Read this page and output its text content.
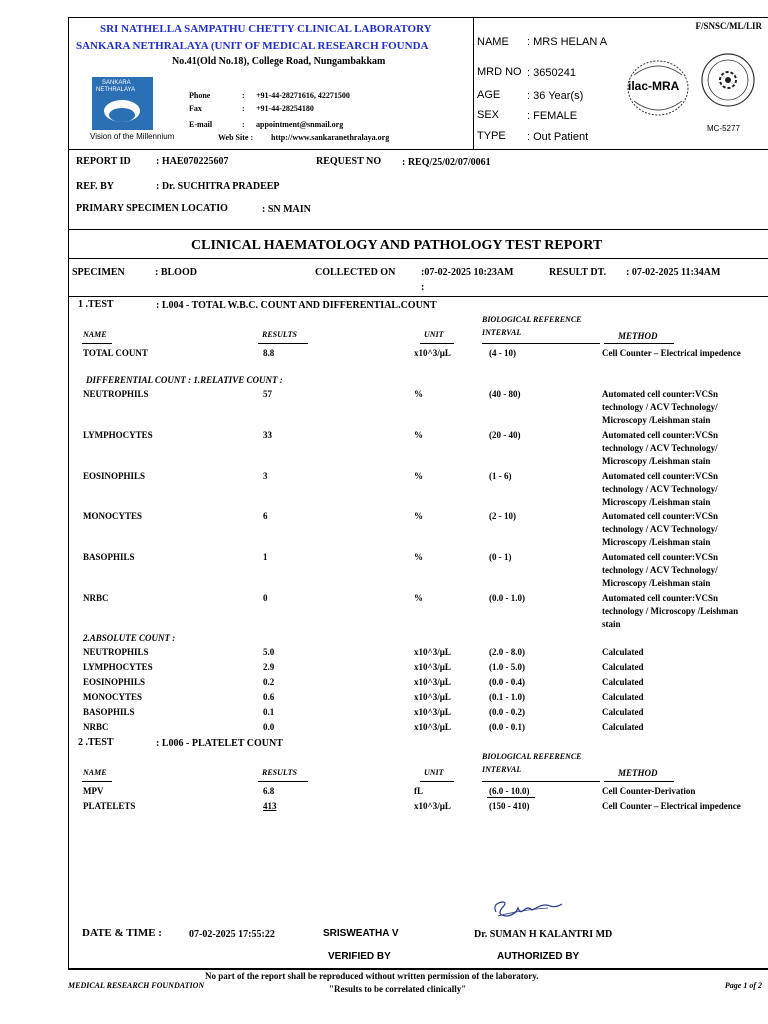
F/SNSC/ML/LIR
SRI NATHELLA SAMPATHU CHETTY CLINICAL LABORATORY
SANKARA NETHRALAYA (UNIT OF MEDICAL RESEARCH FOUNDA
No.41(Old No.18), College Road, Nungambakkam
SANKARA
NETHRALAYA
Vision of the Millennium
Phone	: +91-44-28271616, 42271500
Fax	: +91-44-28254180
E-mail	: appointment@snmail.org
Web Site : http://www.sankaranethralaya.org
NAME : MRS HELAN A
MRD NO : 3650241
AGE : 36 Year(s)
SEX	: FEMALE
TYPE : Out Patient
ilac-MRA
MC-5277
REPORT ID	: HAE070225607	REQUEST NO : REQ/25/02/07/0061
REF. BY	: Dr. SUCHITRA PRADEEP
PRIMARY SPECIMEN LOCATIO	: SN MAIN
CLINICAL HAEMATOLOGY AND PATHOLOGY TEST REPORT
SPECIMEN	: BLOOD	COLLECTED ON	:07-02-2025 10:23AM
:
RESULT DT. : 07-02-2025 11:34AM
1 .TEST	: L004 - TOTAL W.B.C. COUNT AND DIFFERENTIAL.COUNT
BIOLOGICAL REFERENCE
INTERVAL
NAME	RESULTS	UNIT	METHOD
TOTAL COUNT	8.8	x10^3/µL	(4 - 10)	Cell Counter – Electrical impedence
DIFFERENTIAL COUNT : 1.RELATIVE COUNT :
NEUTROPHILS	57	%	(40 - 80)	Automated cell counter:VCSn technology / ACV Technology/ Microscopy /Leishman stain
LYMPHOCYTES	33	%	(20 - 40)	Automated cell counter:VCSn technology / ACV Technology/ Microscopy /Leishman stain
EOSINOPHILS	3	%	(1 - 6)	Automated cell counter:VCSn technology / ACV Technology/ Microscopy /Leishman stain
MONOCYTES	6	%	(2 - 10)	Automated cell counter:VCSn technology / ACV Technology/ Microscopy /Leishman stain
BASOPHILS	1	%	(0 - 1)	Automated cell counter:VCSn technology / ACV Technology/ Microscopy /Leishman stain
NRBC	0	%	(0.0 - 1.0)	Automated cell counter:VCSn technology / Microscopy /Leishman stain
2.ABSOLUTE COUNT :
NEUTROPHILS	5.0	x10^3/µL	(2.0 - 8.0)	Calculated
LYMPHOCYTES	2.9	x10^3/µL	(1.0 - 5.0)	Calculated
EOSINOPHILS	0.2	x10^3/µL	(0.0 - 0.4)	Calculated
MONOCYTES	0.6	x10^3/µL	(0.1 - 1.0)	Calculated
BASOPHILS	0.1	x10^3/µL	(0.0 - 0.2)	Calculated
NRBC	0.0	x10^3/µL	(0.0 - 0.1)	Calculated
2 .TEST	: L006 - PLATELET COUNT
BIOLOGICAL REFERENCE
INTERVAL
NAME	RESULTS	UNIT	METHOD
MPV	6.8	fL	(6.0 - 10.0)	Cell Counter-Derivation
PLATELETS	413	x10^3/µL	(150 - 410)	Cell Counter – Electrical impedence
DATE & TIME :	07-02-2025 17:55:22	SRISWEATHA V
VERIFIED BY
Dr. SUMAN H KALANTRI MD
AUTHORIZED BY
No part of the report shall be reproduced without written permission of the laboratory.
MEDICAL RESEARCH FOUNDATION	"Results to be correlated clinically"	Page 1 of 2
